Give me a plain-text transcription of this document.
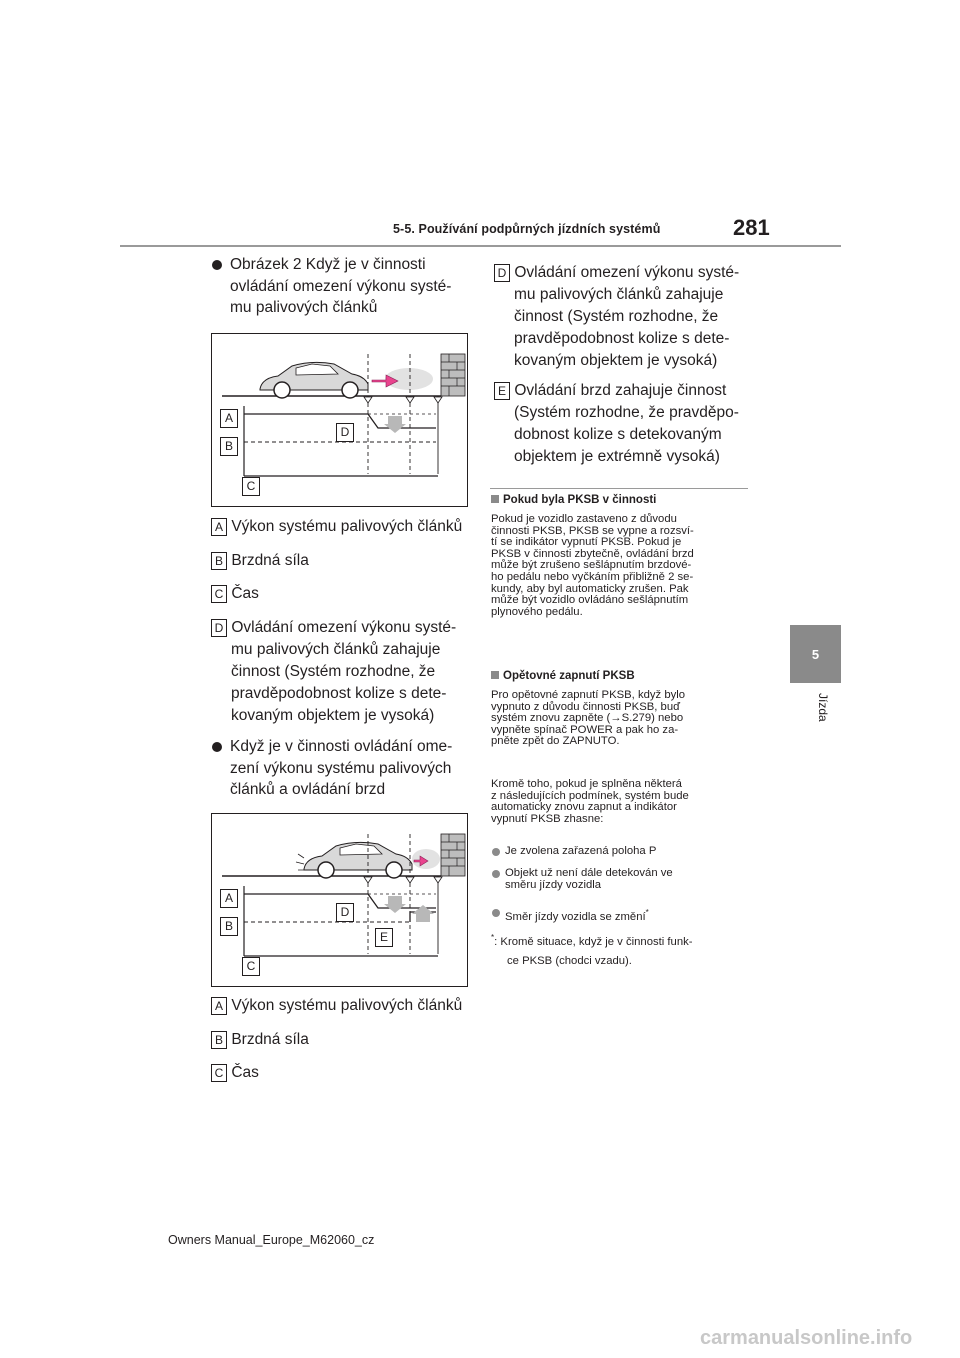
5-5. Používání podpůrných jízdních systémů	281
5
Jízda
Obrázek 2 Když je v činnosti
ovládání omezení výkonu systé-
mu palivových článků
A
B
C
D
A Výkon systému palivových článků
B Brzdná síla
C Čas
D Ovládání omezení výkonu systé-
mu palivových článků zahajuje
činnost (Systém rozhodne, že
pravděpodobnost kolize s dete-
kovaným objektem je vysoká)
Když je v činnosti ovládání ome-
zení výkonu systému palivových
článků a ovládání brzd
A
B
C
D
E
A Výkon systému palivových článků
B Brzdná síla
C Čas
D Ovládání omezení výkonu systé-
mu palivových článků zahajuje
činnost (Systém rozhodne, že
pravděpodobnost kolize s dete-
kovaným objektem je vysoká)
E Ovládání brzd zahajuje činnost
(Systém rozhodne, že pravděpo-
dobnost kolize s detekovaným
objektem je extrémně vysoká)
Pokud byla PKSB v činnosti
Pokud je vozidlo zastaveno z důvodu
činnosti PKSB, PKSB se vypne a rozsví-
tí se indikátor vypnutí PKSB. Pokud je
PKSB v činnosti zbytečně, ovládání brzd
může být zrušeno sešlápnutím brzdové-
ho pedálu nebo vyčkáním přibližně 2 se-
kundy, aby byl automaticky zrušen. Pak
může být vozidlo ovládáno sešlápnutím
plynového pedálu.
Opětovné zapnutí PKSB
Pro opětovné zapnutí PKSB, když bylo
vypnuto z důvodu činnosti PKSB, buď
systém znovu zapněte (→S.279) nebo
vypněte spínač POWER a pak ho za-
pněte zpět do ZAPNUTO.
Kromě toho, pokud je splněna některá
z následujících podmínek, systém bude
automaticky znovu zapnut a indikátor
vypnutí PKSB zhasne:
Je zvolena zařazená poloha P
Objekt už není dále detekován ve
směru jízdy vozidla
Směr jízdy vozidla se změní*
*: Kromě situace, když je v činnosti funk-
ce PKSB (chodci vzadu).
Owners Manual_Europe_M62060_cz
carmanualsonline.info
